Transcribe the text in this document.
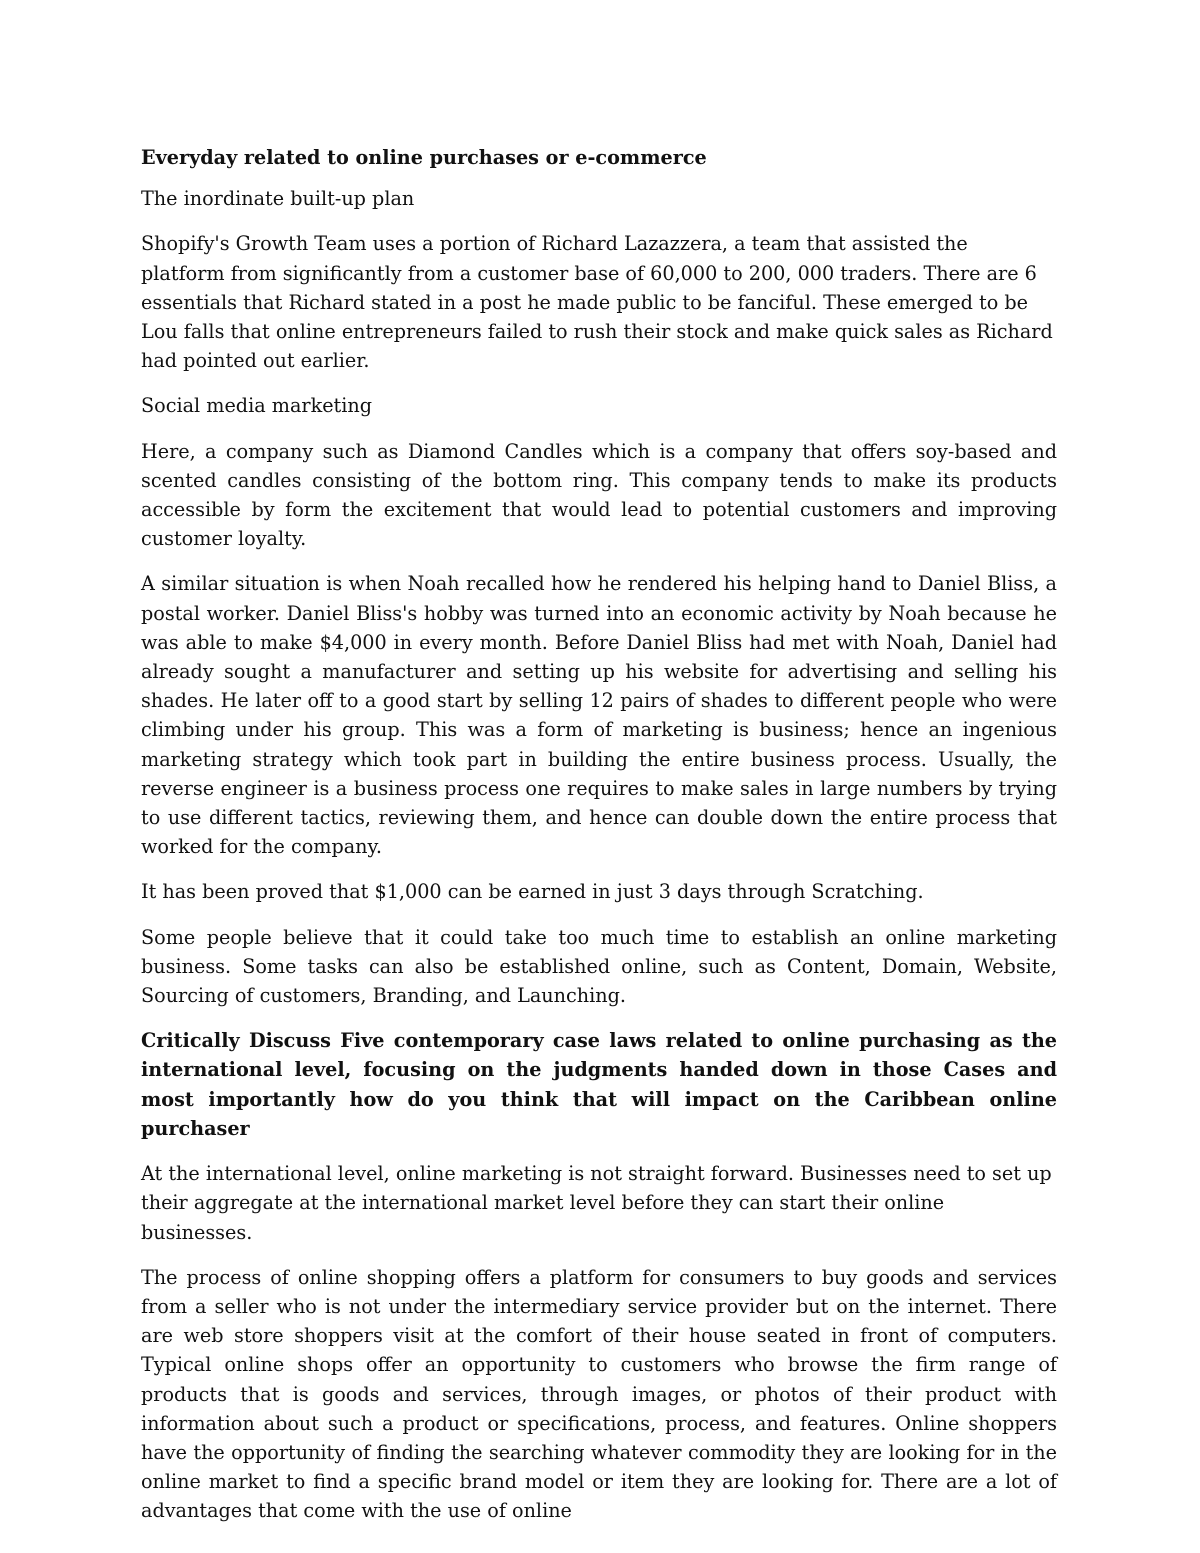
Everyday related to online purchases or e-commerce

The inordinate built-up plan

Shopify's Growth Team uses a portion of Richard Lazazzera, a team that assisted the platform from significantly from a customer base of 60,000 to 200, 000 traders. There are 6 essentials that Richard stated in a post he made public to be fanciful. These emerged to be Lou falls that online entrepreneurs failed to rush their stock and make quick sales as Richard had pointed out earlier.

Social media marketing

Here, a company such as Diamond Candles which is a company that offers soy-based and scented candles consisting of the bottom ring. This company tends to make its products accessible by form the excitement that would lead to potential customers and improving customer loyalty.

A similar situation is when Noah recalled how he rendered his helping hand to Daniel Bliss, a postal worker. Daniel Bliss's hobby was turned into an economic activity by Noah because he was able to make $4,000 in every month. Before Daniel Bliss had met with Noah, Daniel had already sought a manufacturer and setting up his website for advertising and selling his shades. He later off to a good start by selling 12 pairs of shades to different people who were climbing under his group. This was a form of marketing is business; hence an ingenious marketing strategy which took part in building the entire business process. Usually, the reverse engineer is a business process one requires to make sales in large numbers by trying to use different tactics, reviewing them, and hence can double down the entire process that worked for the company.

It has been proved that $1,000 can be earned in just 3 days through Scratching.

Some people believe that it could take too much time to establish an online marketing business. Some tasks can also be established online, such as Content, Domain, Website, Sourcing of customers, Branding, and Launching.

Critically Discuss Five contemporary case laws related to online purchasing as the international level, focusing on the judgments handed down in those Cases and most importantly how do you think that will impact on the Caribbean online purchaser

At the international level, online marketing is not straight forward. Businesses need to set up their aggregate at the international market level before they can start their online businesses.

The process of online shopping offers a platform for consumers to buy goods and services from a seller who is not under the intermediary service provider but on the internet. There are web store shoppers visit at the comfort of their house seated in front of computers. Typical online shops offer an opportunity to customers who browse the firm range of products that is goods and services, through images, or photos of their product with information about such a product or specifications, process, and features. Online shoppers have the opportunity of finding the searching whatever commodity they are looking for in the online market to find a specific brand model or item they are looking for. There are a lot of advantages that come with the use of online
